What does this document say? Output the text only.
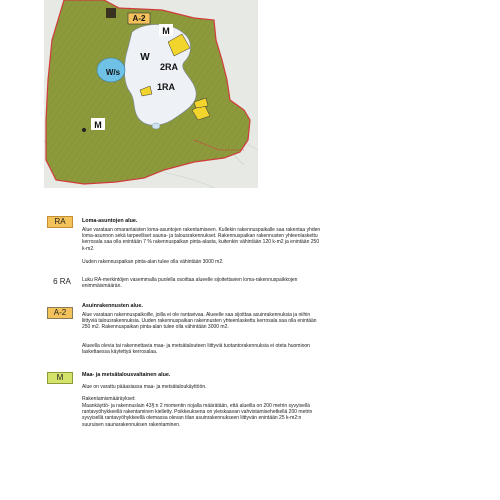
A-2
M
W
W/s
2RA
1RA
M
RA	Loma-asuntojen alue.

Alue varataan omarantaisten loma-asuntojen rakentamiseen. Kullekin rakennuspaikalle saa rakentaa yhden loma-asunnon sekä tarpeelliset sauna- ja talousrakennukset. Rakennuspaikan rakennusten yhteenlaskettu kerrosala saa olla enintään 7 % rakennuspaikan pinta-alasta, kuitenkin vähintään 120 k-m2 ja enintään 250 k-m2.

Uuden rakennuspaikan pinta-alan tulee olla vähintään 3000 m2.

6 RA Luku RA-merkintöjen vasemmalla puolella osoittaa alueelle sijoitettavien loma-rakennuspaikkojen enimmäismäärän.

A-2
Asuinrakennusten alue.

Alue varataan rakennuspaikoille, joilla ei ole rantavivaa. Alueelle saa sijoittaa asuinrakennuksia ja niihin liittyviä talousrakennuksia. Uuden rakennuspaikan rakennusten yhteenlaskettu kerrosala saa olla enintään 250 m2. Rakennuspaikan pinta-alan tulee olla vähintään 3000 m2.

Alueella olevia tai rakennettavia maa- ja metsätalouteen liittyviä tuotantorakennuksia ei oteta huomioon laskettaessa käytettyä kerrosalaa.

M	Maa- ja metsätalousvaltainen alue.

Alue on varattu pääasiassa maa- ja metsätaloukäyttöön.

Rakentamismääräykset:

Maankäyttö- ja rakennuslain 43§:n 2 momentin nojalla määrätään, että alueilla on 200 metrin syvyisellä rantavyöhykkeellä rakentaminen kielletty. Poikkeuksena on yleiskaavan vahvistamisehetkellä 200 metrin syvyisellä rantavyöhykkeellä olemassa olevan tilan asuinrakennukseen liittyvän enintään 25 k-m2:n suuruisen saunarakennuksen rakentaminen.
